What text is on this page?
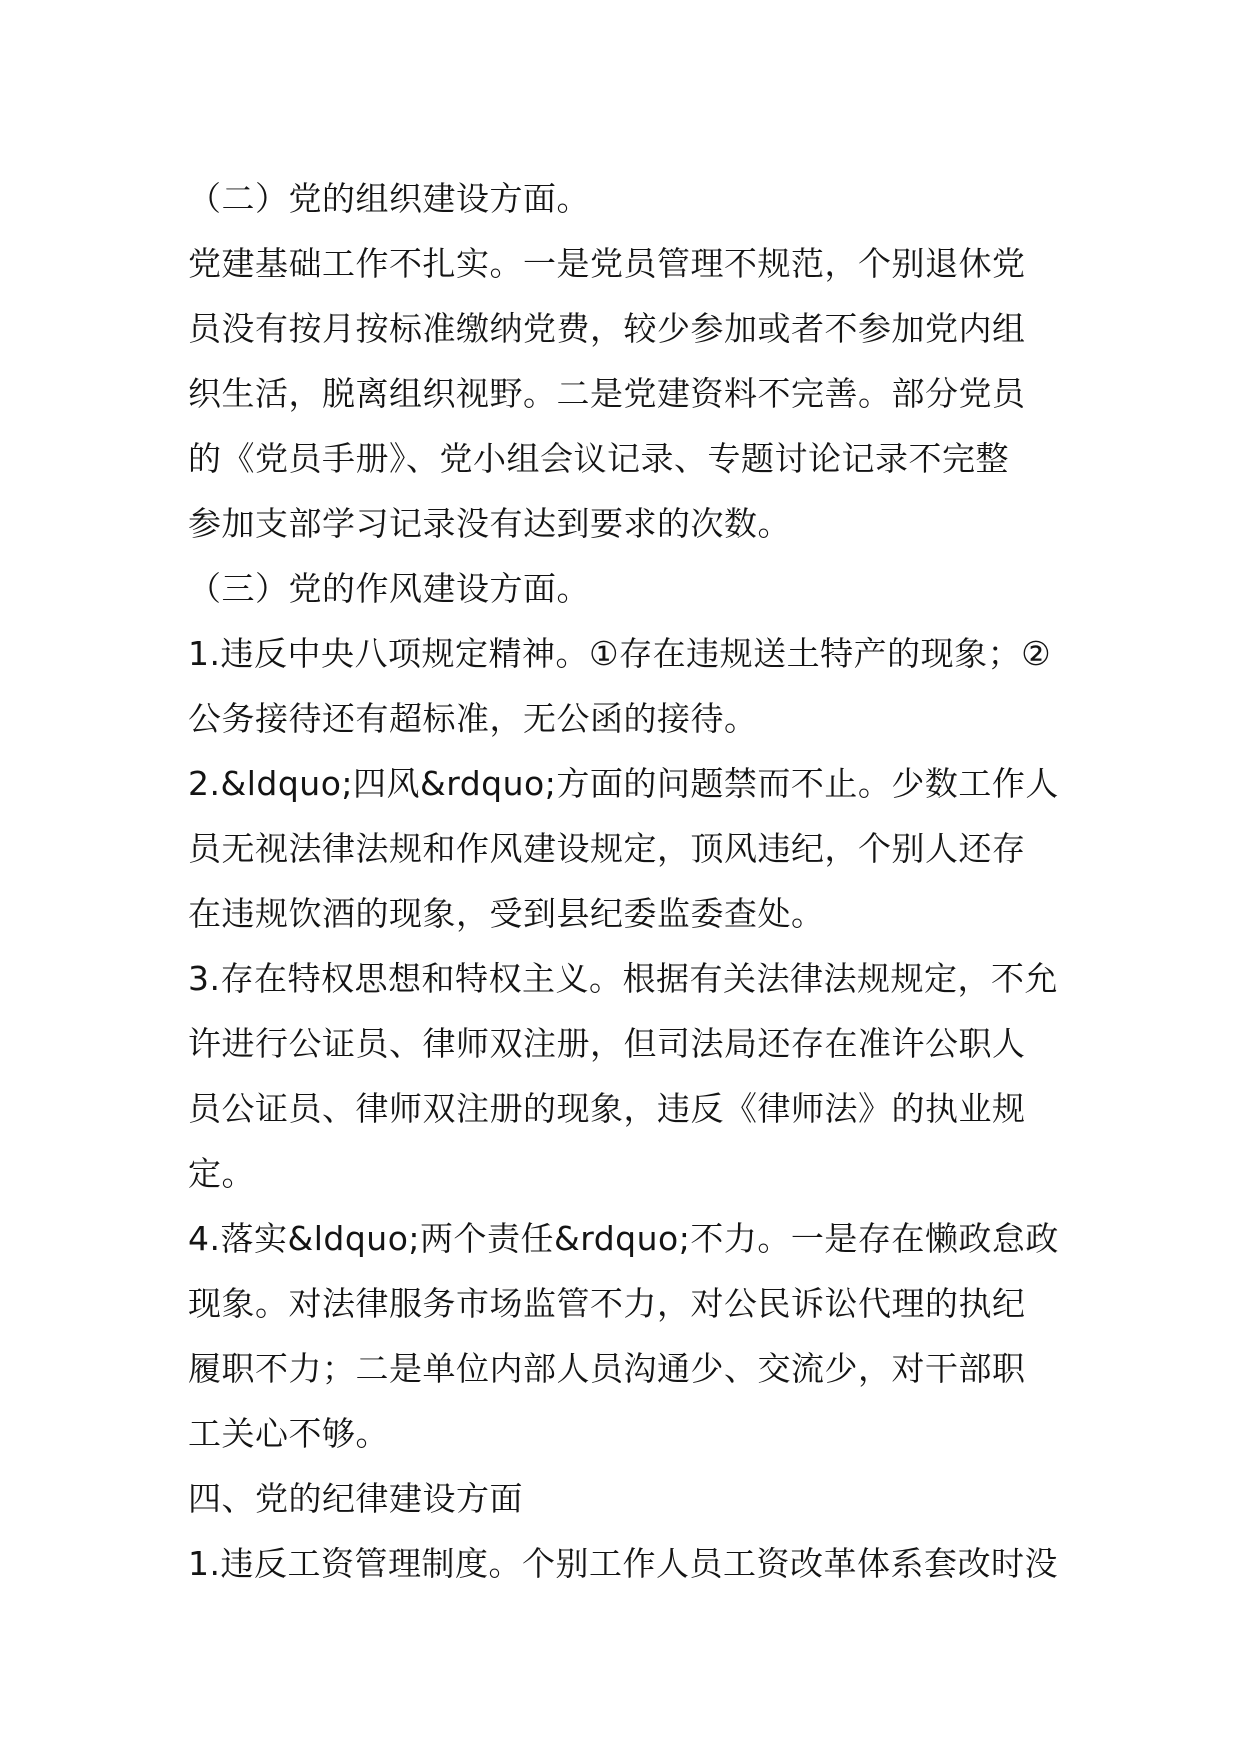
（二）党的组织建设方面。
党建基础工作不扎实。一是党员管理不规范，个别退休党
员没有按月按标准缴纳党费，较少参加或者不参加党内组
织生活，脱离组织视野。二是党建资料不完善。部分党员
的《党员手册》、党小组会议记录、专题讨论记录不完整
参加支部学习记录没有达到要求的次数。
（三）党的作风建设方面。
1.违反中央八项规定精神。①存在违规送土特产的现象；②
公务接待还有超标准，无公函的接待。
2.&ldquo;四风&rdquo;方面的问题禁而不止。少数工作人
员无视法律法规和作风建设规定，顶风违纪，个别人还存
在违规饮酒的现象，受到县纪委监委查处。
3.存在特权思想和特权主义。根据有关法律法规规定，不允
许进行公证员、律师双注册，但司法局还存在准许公职人
员公证员、律师双注册的现象，违反《律师法》的执业规
定。
4.落实&ldquo;两个责任&rdquo;不力。一是存在懒政怠政
现象。对法律服务市场监管不力，对公民诉讼代理的执纪
履职不力；二是单位内部人员沟通少、交流少，对干部职
工关心不够。
四、党的纪律建设方面
1.违反工资管理制度。个别工作人员工资改革体系套改时没
